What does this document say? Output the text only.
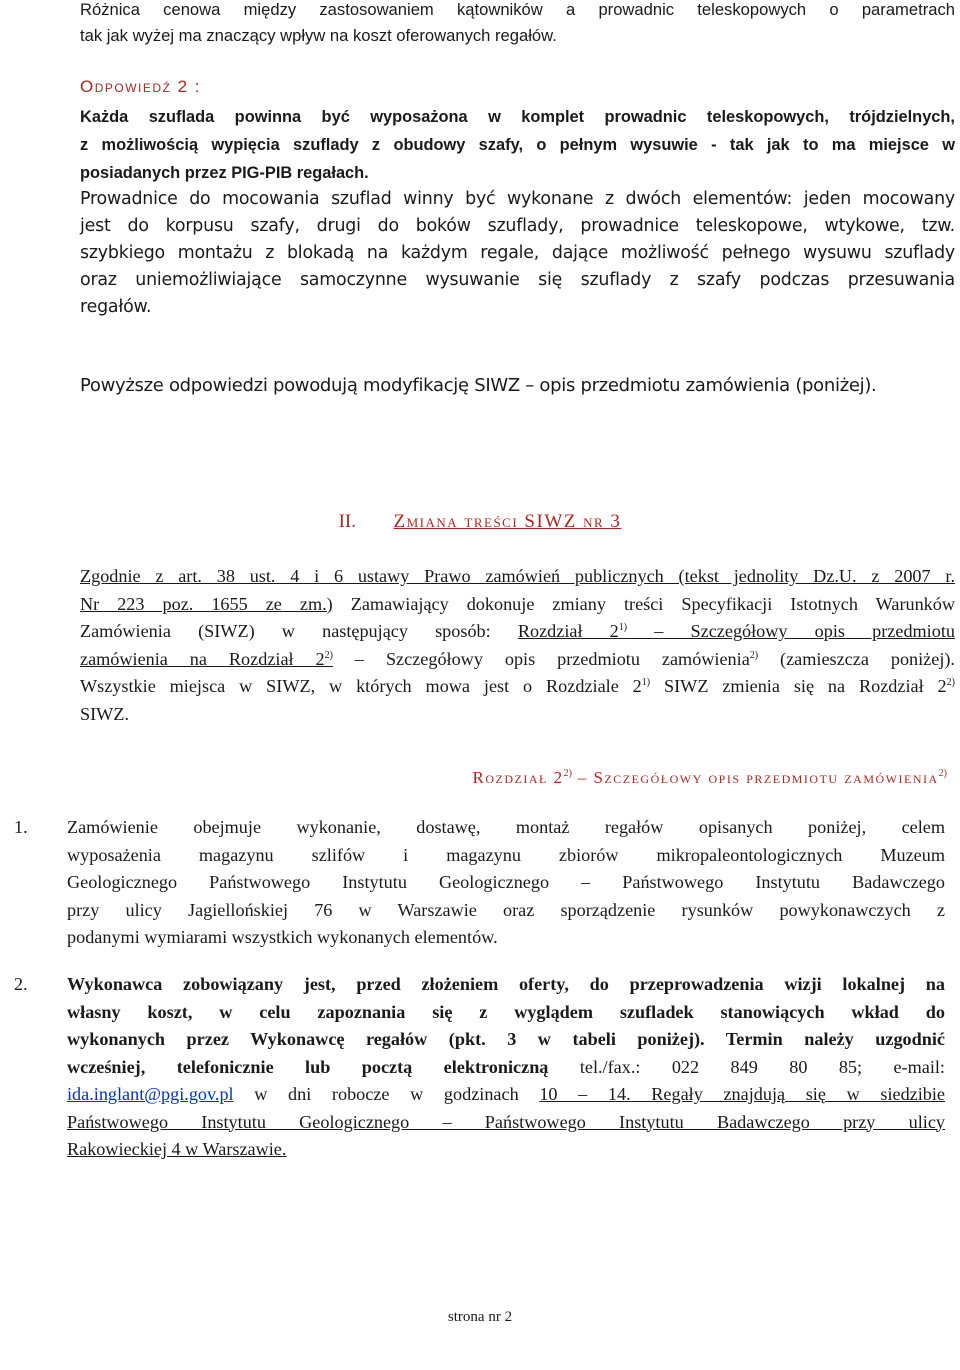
Różnica cenowa między zastosowaniem kątowników a prowadnic teleskopowych o parametrach
tak jak wyżej ma znaczący wpływ na koszt oferowanych regałów.
Odpowiedź 2 :
Każda szuflada powinna być wyposażona w komplet prowadnic teleskopowych, trójdzielnych,
z możliwością wypięcia szuflady z obudowy szafy, o pełnym wysuwie - tak jak to ma miejsce w
posiadanych przez PIG-PIB regałach.
Prowadnice do mocowania szuflad winny być wykonane z dwóch elementów: jeden mocowany
jest do korpusu szafy, drugi do boków szuflady, prowadnice teleskopowe, wtykowe, tzw.
szybkiego montażu z blokadą na każdym regale, dające możliwość pełnego wysuwu szuflady
oraz uniemożliwiające samoczynne wysuwanie się szuflady z szafy podczas przesuwania
regałów.
Powyższe odpowiedzi powodują modyfikację SIWZ – opis przedmiotu zamówienia (poniżej).
II. Zmiana treści SIWZ nr 3
Zgodnie z art. 38 ust. 4 i 6 ustawy Prawo zamówień publicznych (tekst jednolity Dz.U. z 2007 r.
Nr 223 poz. 1655 ze zm.) Zamawiający dokonuje zmiany treści Specyfikacji Istotnych Warunków
Zamówienia (SIWZ) w następujący sposób: Rozdział 2$^{1)}$ – Szczegółowy opis przedmiotu
zamówienia na Rozdział 2$^{2)}$ – Szczegółowy opis przedmiotu zamówienia$^{2)}$ (zamieszcza poniżej).
Wszystkie miejsca w SIWZ, w których mowa jest o Rozdziale 2$^{1)}$ SIWZ zmienia się na Rozdział 2$^{2)}$
SIWZ.
Rozdział 2$^{2)}$ – Szczegółowy opis przedmiotu zamówienia$^{2)}$
1. Zamówienie obejmuje wykonanie, dostawę, montaż regałów opisanych poniżej, celem
wyposażenia magazynu szlifów i magazynu zbiorów mikropaleontologicznych Muzeum
Geologicznego Państwowego Instytutu Geologicznego – Państwowego Instytutu Badawczego
przy ulicy Jagiellońskiej 76 w Warszawie oraz sporządzenie rysunków powykonawczych z
podanymi wymiarami wszystkich wykonanych elementów.
2. Wykonawca zobowiązany jest, przed złożeniem oferty, do przeprowadzenia wizji lokalnej na
własny koszt, w celu zapoznania się z wyglądem szufladek stanowiących wkład do
wykonanych przez Wykonawcę regałów (pkt. 3 w tabeli poniżej). Termin należy uzgodnić
wcześniej, telefonicznie lub pocztą elektroniczną tel./fax.: 022 849 80 85; e-mail:
ida.inglant@pgi.gov.pl w dni robocze w godzinach 10 – 14. Regały znajdują się w siedzibie
Państwowego Instytutu Geologicznego – Państwowego Instytutu Badawczego przy ulicy
Rakowieckiej 4 w Warszawie.
strona nr 2
